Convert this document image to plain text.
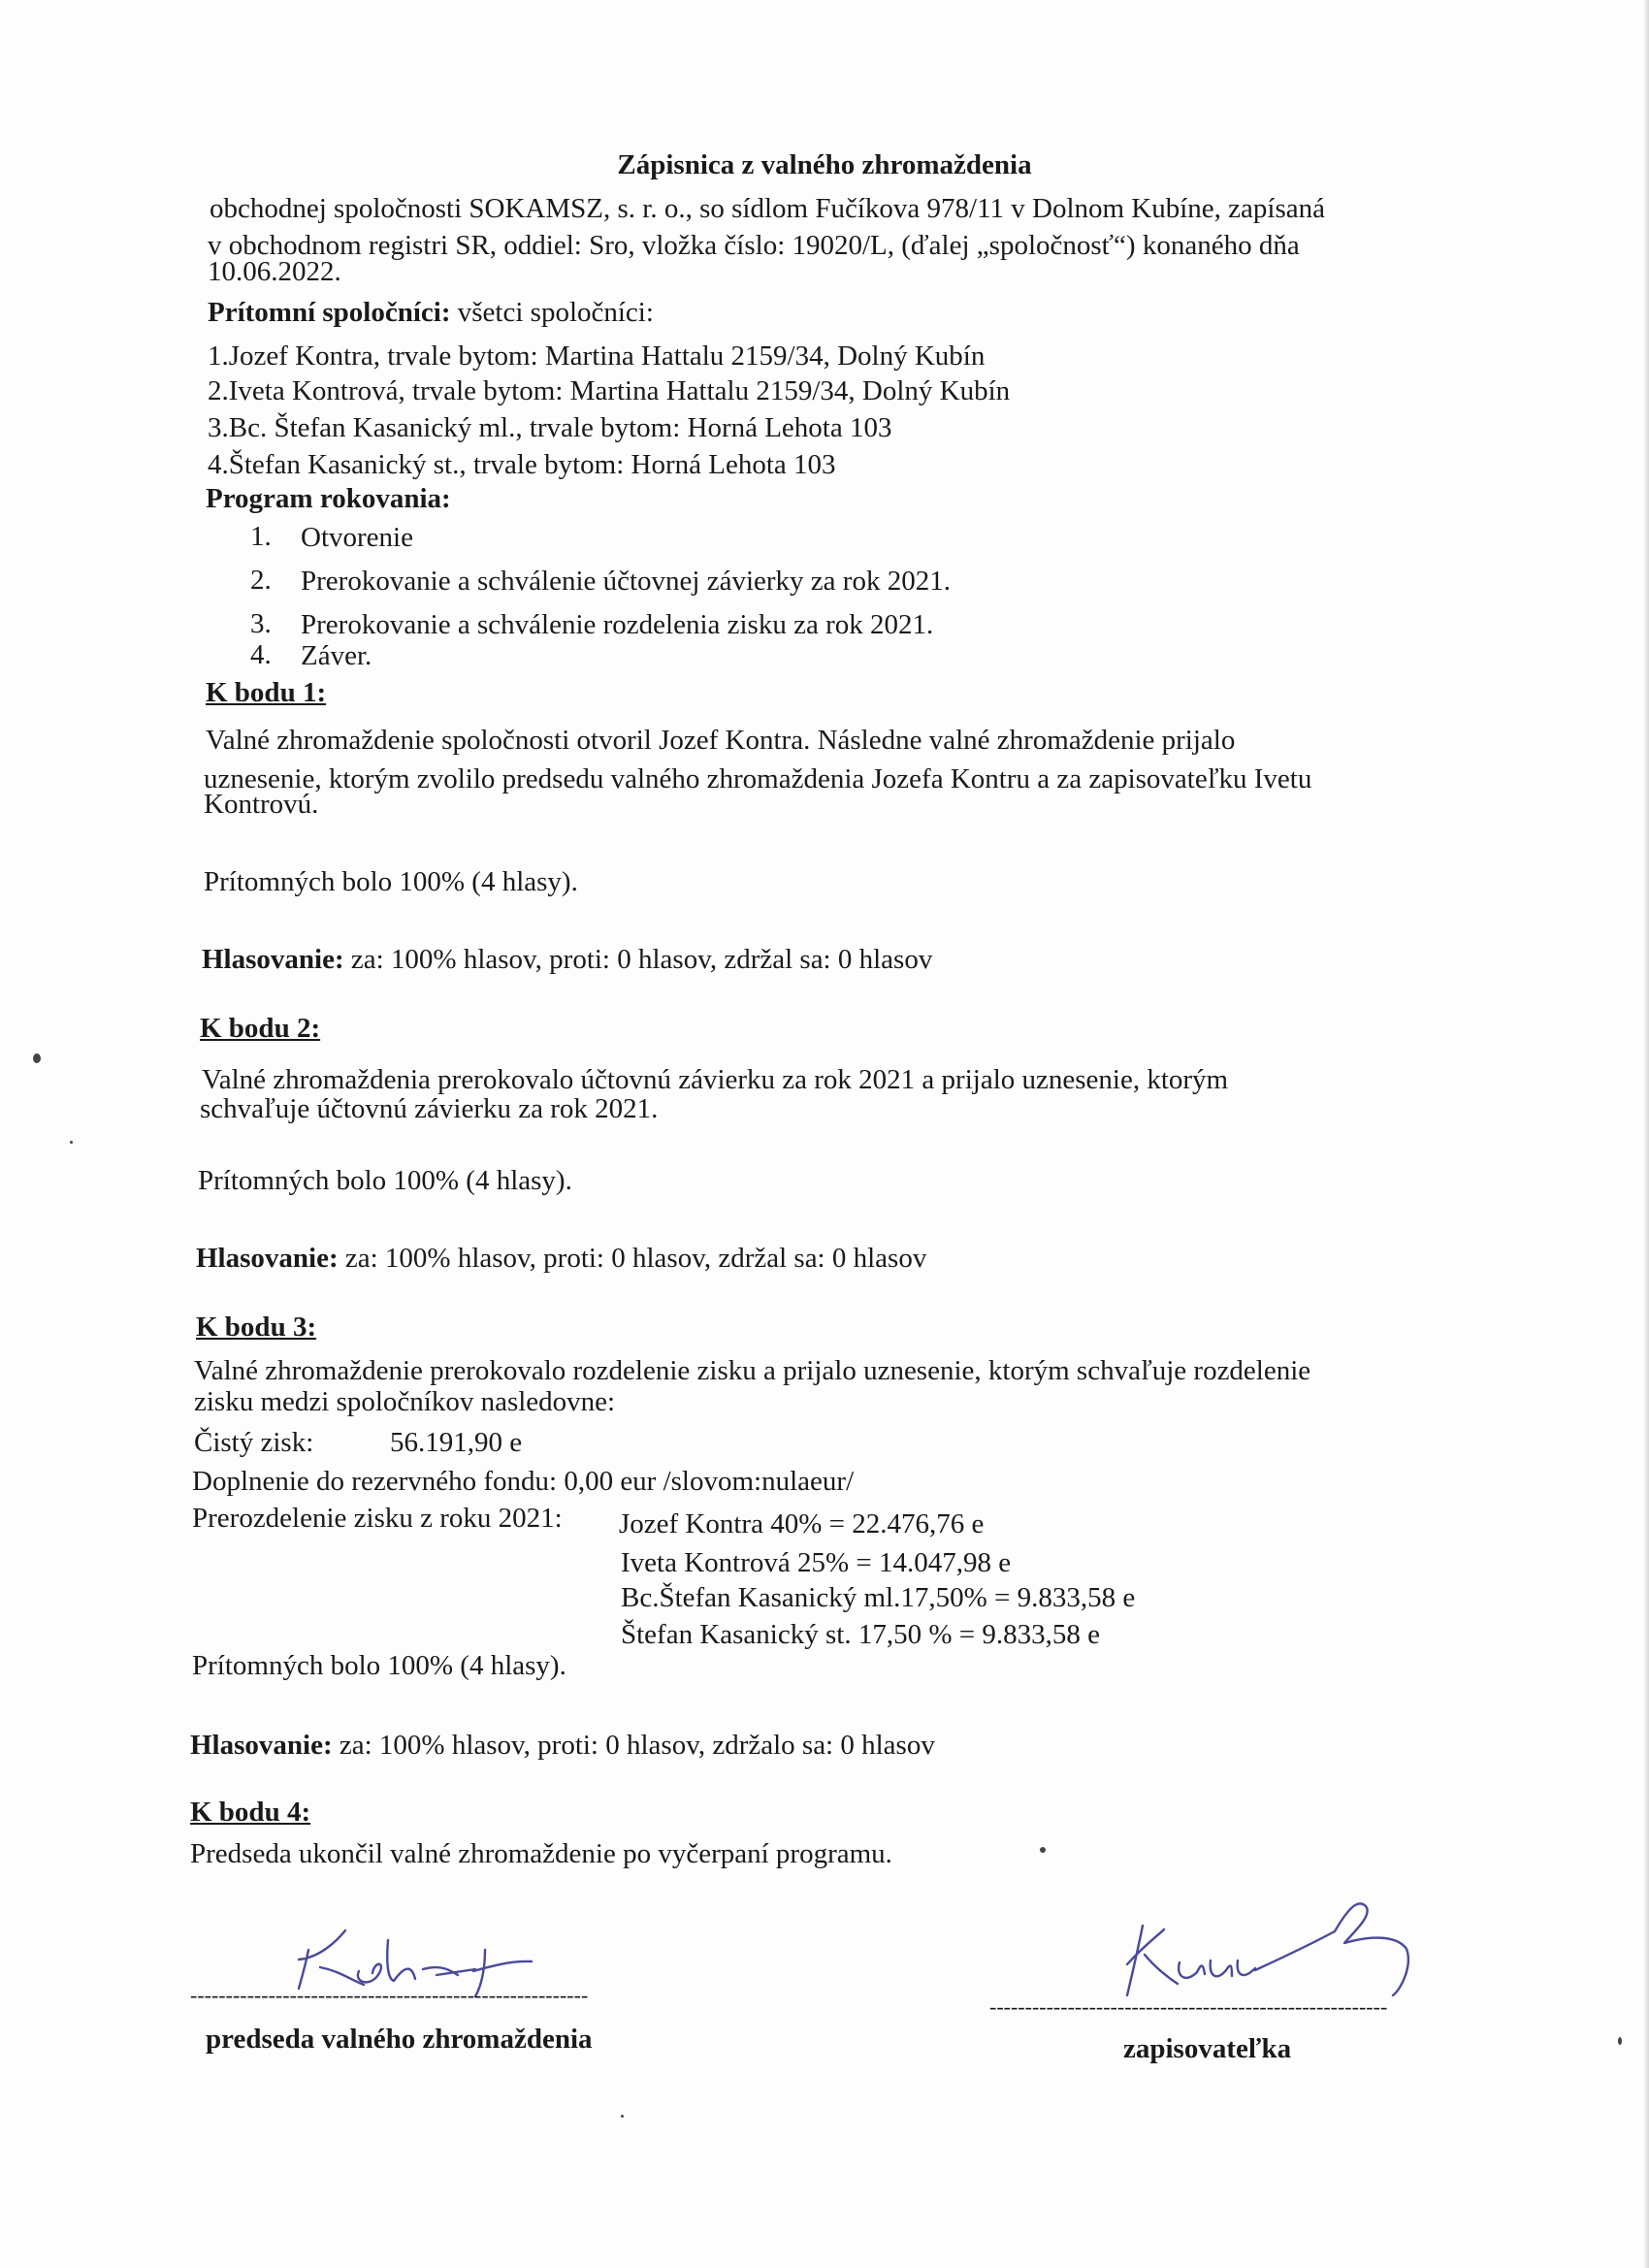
Zápisnica z valného zhromaždenia
obchodnej spoločnosti SOKAMSZ, s. r. o., so sídlom Fučíkova 978/11 v Dolnom Kubíne, zapísaná
v obchodnom registri SR, oddiel: Sro, vložka číslo: 19020/L, (ďalej „spoločnosť“) konaného dňa
10.06.2022.
Prítomní spoločníci: všetci spoločníci:
1.Jozef Kontra, trvale bytom: Martina Hattalu 2159/34, Dolný Kubín
2.Iveta Kontrová, trvale bytom: Martina Hattalu 2159/34, Dolný Kubín
3.Bc. Štefan Kasanický ml., trvale bytom: Horná Lehota 103
4.Štefan Kasanický st., trvale bytom: Horná Lehota 103
Program rokovania:
1. Otvorenie
2. Prerokovanie a schválenie účtovnej závierky za rok 2021.
3. Prerokovanie a schválenie rozdelenia zisku za rok 2021.
4. Záver.
K bodu 1:
Valné zhromaždenie spoločnosti otvoril Jozef Kontra. Následne valné zhromaždenie prijalo
uznesenie, ktorým zvolilo predsedu valného zhromaždenia Jozefa Kontru a za zapisovateľku Ivetu
Kontrovú.
Prítomných bolo 100% (4 hlasy).
Hlasovanie: za: 100% hlasov, proti: 0 hlasov, zdržal sa: 0 hlasov
K bodu 2:
Valné zhromaždenia prerokovalo účtovnú závierku za rok 2021 a prijalo uznesenie, ktorým
schvaľuje účtovnú závierku za rok 2021.
Prítomných bolo 100% (4 hlasy).
Hlasovanie: za: 100% hlasov, proti: 0 hlasov, zdržal sa: 0 hlasov
K bodu 3:
Valné zhromaždenie prerokovalo rozdelenie zisku a prijalo uznesenie, ktorým schvaľuje rozdelenie
zisku medzi spoločníkov nasledovne:
Čistý zisk:	56.191,90 e
Doplnenie do rezervného fondu: 0,00 eur /slovom:nulaeur/
Prerozdelenie zisku z roku 2021: Jozef Kontra 40% = 22.476,76 e
Iveta Kontrová 25% = 14.047,98 e
Bc.Štefan Kasanický ml.17,50% = 9.833,58 e
Štefan Kasanický st. 17,50 % = 9.833,58 e
Prítomných bolo 100% (4 hlasy).
Hlasovanie: za: 100% hlasov, proti: 0 hlasov, zdržalo sa: 0 hlasov
K bodu 4:
Predseda ukončil valné zhromaždenie po vyčerpaní programu.
--------------------------------------------------------
predseda valného zhromaždenia
--------------------------------------------------------
zapisovateľka
